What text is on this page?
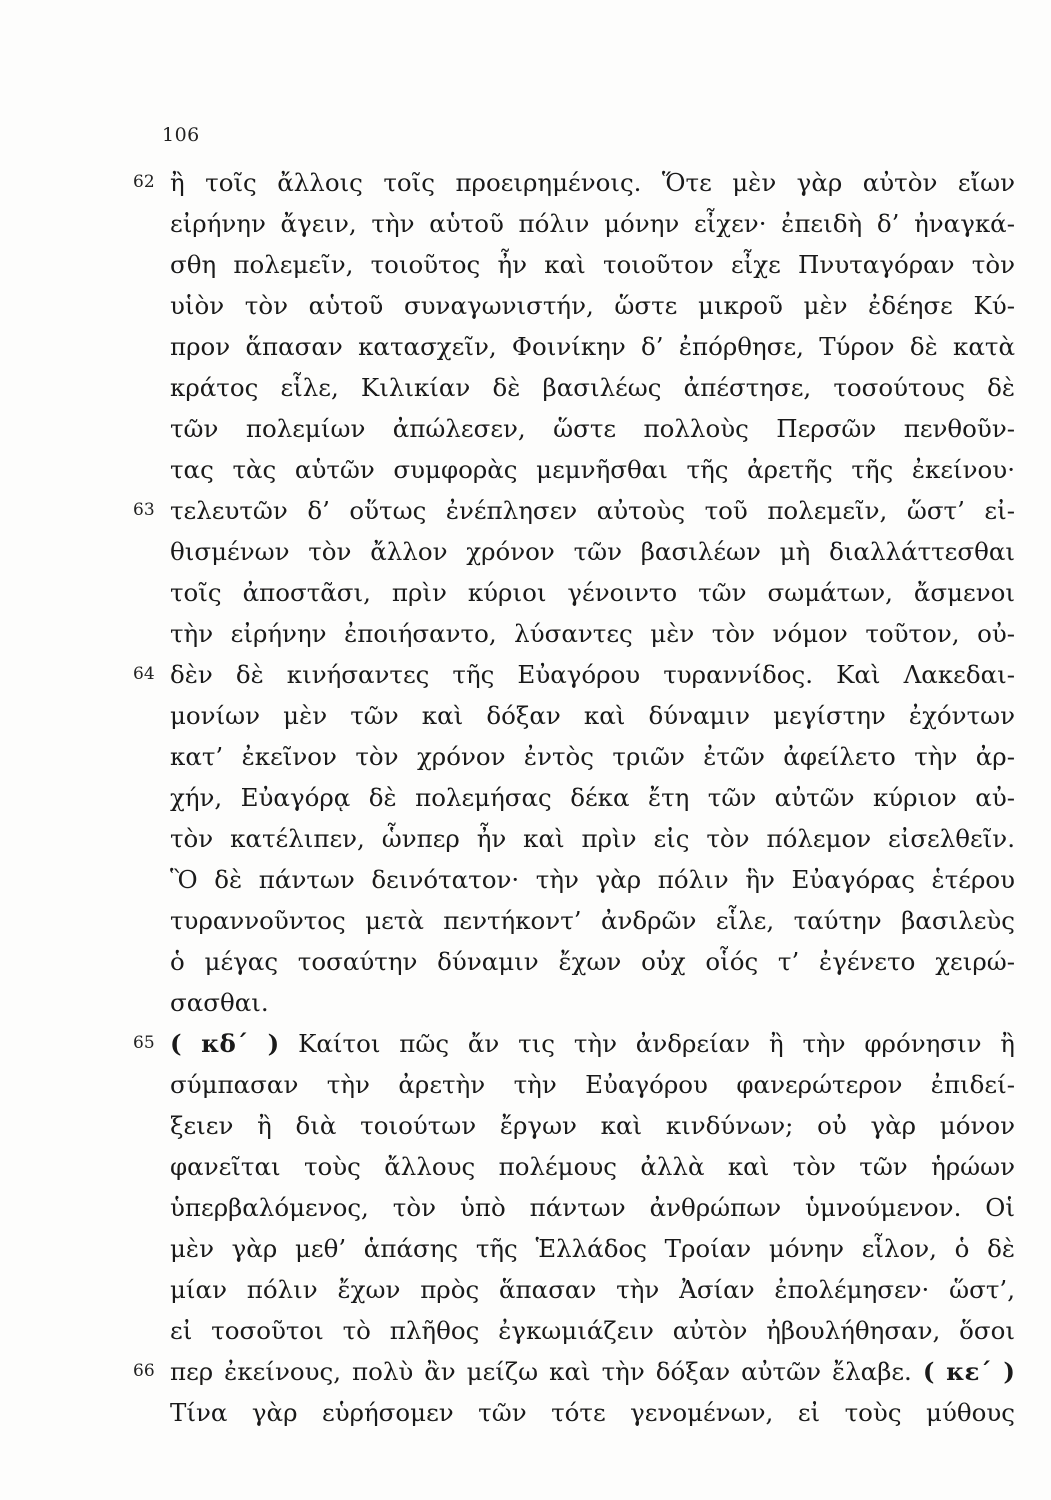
106
62 ἢ τοῖς ἄλλοις τοῖς προειρημένοις. Ὅτε μὲν γὰρ αὐτὸν εἴων
εἰρήνην ἄγειν, τὴν αὑτοῦ πόλιν μόνην εἶχεν· ἐπειδὴ δ’ ἠναγκά-
σθη πολεμεῖν, τοιοῦτος ἦν καὶ τοιοῦτον εἶχε Πνυταγόραν τὸν
υἱὸν τὸν αὑτοῦ συναγωνιστήν, ὥστε μικροῦ μὲν ἐδέησε Κύ-
προν ἅπασαν κατασχεῖν, Φοινίκην δ’ ἐπόρθησε, Τύρον δὲ κατὰ
κράτος εἷλε, Κιλικίαν δὲ βασιλέως ἀπέστησε, τοσούτους δὲ
τῶν πολεμίων ἀπώλεσεν, ὥστε πολλοὺς Περσῶν πενθοῦν-
τας τὰς αὑτῶν συμφορὰς μεμνῆσθαι τῆς ἀρετῆς τῆς ἐκείνου·
63 τελευτῶν δ’ οὕτως ἐνέπλησεν αὐτοὺς τοῦ πολεμεῖν, ὥστ’ εἰ-
θισμένων τὸν ἄλλον χρόνον τῶν βασιλέων μὴ διαλλάττεσθαι
τοῖς ἀποστᾶσι, πρὶν κύριοι γένοιντο τῶν σωμάτων, ἄσμενοι
τὴν εἰρήνην ἐποιήσαντο, λύσαντες μὲν τὸν νόμον τοῦτον, οὐ-
64 δὲν δὲ κινήσαντες τῆς Εὐαγόρου τυραννίδος. Καὶ Λακεδαι-
μονίων μὲν τῶν καὶ δόξαν καὶ δύναμιν μεγίστην ἐχόντων
κατ’ ἐκεῖνον τὸν χρόνον ἐντὸς τριῶν ἐτῶν ἀφείλετο τὴν ἀρ-
χήν, Εὐαγόρᾳ δὲ πολεμήσας δέκα ἔτη τῶν αὐτῶν κύριον αὐ-
τὸν κατέλιπεν, ὧνπερ ἦν καὶ πρὶν εἰς τὸν πόλεμον εἰσελθεῖν.
Ὃ δὲ πάντων δεινότατον· τὴν γὰρ πόλιν ἣν Εὐαγόρας ἑτέρου
τυραννοῦντος μετὰ πεντήκοντ’ ἀνδρῶν εἷλε, ταύτην βασιλεὺς
ὁ μέγας τοσαύτην δύναμιν ἔχων οὐχ οἷός τ’ ἐγένετο χειρώ-
σασθαι.
65 ( κδ΄ ) Καίτοι πῶς ἄν τις τὴν ἀνδρείαν ἢ τὴν φρόνησιν ἢ
σύμπασαν τὴν ἀρετὴν τὴν Εὐαγόρου φανερώτερον ἐπιδεί-
ξειεν ἢ διὰ τοιούτων ἔργων καὶ κινδύνων; οὐ γὰρ μόνον
φανεῖται τοὺς ἄλλους πολέμους ἀλλὰ καὶ τὸν τῶν ἡρώων
ὑπερβαλόμενος, τὸν ὑπὸ πάντων ἀνθρώπων ὑμνούμενον. Οἱ
μὲν γὰρ μεθ’ ἁπάσης τῆς Ἑλλάδος Τροίαν μόνην εἷλον, ὁ δὲ
μίαν πόλιν ἔχων πρὸς ἅπασαν τὴν Ἀσίαν ἐπολέμησεν· ὥστ’,
εἰ τοσοῦτοι τὸ πλῆθος ἐγκωμιάζειν αὐτὸν ἠβουλήθησαν, ὅσοι
66 περ ἐκείνους, πολὺ ἂν μείζω καὶ τὴν δόξαν αὐτῶν ἔλαβε. ( κε΄ )
Τίνα γὰρ εὑρήσομεν τῶν τότε γενομένων, εἰ τοὺς μύθους
